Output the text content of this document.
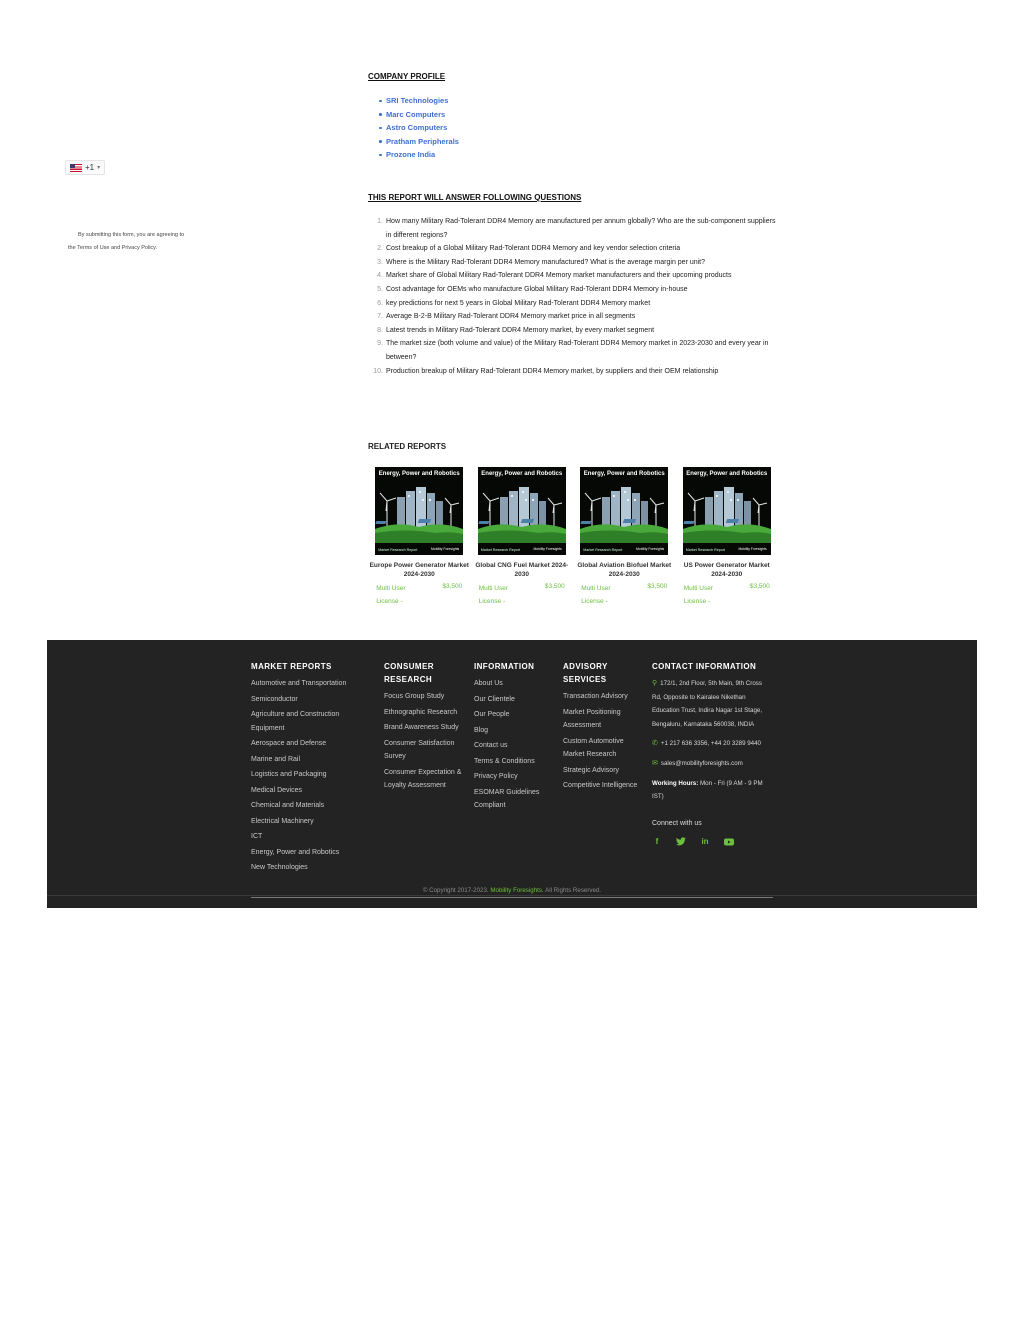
+1 ▾

By submitting this form, you are agreeing to

the Terms of Use and Privacy Policy.

COMPANY PROFILE
SRI Technologies
Marc Computers
Astro Computers
Pratham Peripherals
Prozone India
THIS REPORT WILL ANSWER FOLLOWING QUESTIONS
1. How many Military Rad-Tolerant DDR4 Memory are manufactured per annum globally? Who are the sub-component suppliers in different regions?
2. Cost breakup of a Global Military Rad-Tolerant DDR4 Memory and key vendor selection criteria
3. Where is the Military Rad-Tolerant DDR4 Memory manufactured? What is the average margin per unit?
4. Market share of Global Military Rad-Tolerant DDR4 Memory market manufacturers and their upcoming products
5. Cost advantage for OEMs who manufacture Global Military Rad-Tolerant DDR4 Memory in-house
6. key predictions for next 5 years in Global Military Rad-Tolerant DDR4 Memory market
7. Average B-2-B Military Rad-Tolerant DDR4 Memory market price in all segments
8. Latest trends in Military Rad-Tolerant DDR4 Memory market, by every market segment
9. The market size (both volume and value) of the Military Rad-Tolerant DDR4 Memory market in 2023-2030 and every year in between?
10. Production breakup of Military Rad-Tolerant DDR4 Memory market, by suppliers and their OEM relationship
RELATED REPORTS
Energy, Power and Robotics
Market Research Report	Mobility Foresights
Europe Power Generator Market 2024-2030
Multi User License -
$3,500
Energy, Power and Robotics
Market Research Report	Mobility Foresights
Global CNG Fuel Market 2024-2030
Multi User License -
$3,500
Energy, Power and Robotics
Market Research Report	Mobility Foresights
Global Aviation Biofuel Market 2024-2030
Multi User License -
$3,500
Energy, Power and Robotics
Market Research Report	Mobility Foresights
US Power Generator Market 2024-2030
Multi User License -
$3,500
MARKET REPORTS
Automotive and Transportation
Semiconductor
Agriculture and Construction Equipment
Aerospace and Defense
Marine and Rail
Logistics and Packaging
Medical Devices
Chemical and Materials
Electrical Machinery
ICT
Energy, Power and Robotics
New Technologies
CONSUMER RESEARCH
Focus Group Study
Ethnographic Research
Brand Awareness Study
Consumer Satisfaction Survey
Consumer Expectation & Loyalty Assessment
INFORMATION
About Us
Our Clientele
Our People
Blog
Contact us
Terms & Conditions
Privacy Policy
ESOMAR Guidelines Compliant
ADVISORY SERVICES
Transaction Advisory
Market Positioning Assessment
Custom Automotive Market Research
Strategic Advisory
Competitive Intelligence
CONTACT INFORMATION
⚲ 172/1, 2nd Floor, 5th Main, 9th Cross Rd, Opposite to Kairalee Nikethan Education Trust, Indira Nagar 1st Stage, Bengaluru, Karnataka 560038, INDIA
✆ +1 217 636 3356, +44 20 3289 9440
✉ sales@mobilityforesights.com
Working Hours: Mon - Fri (9 AM - 9 PM IST)
Connect with us
f	in
© Copyright 2017-2023. Mobility Foresights. All Rights Reserved.
